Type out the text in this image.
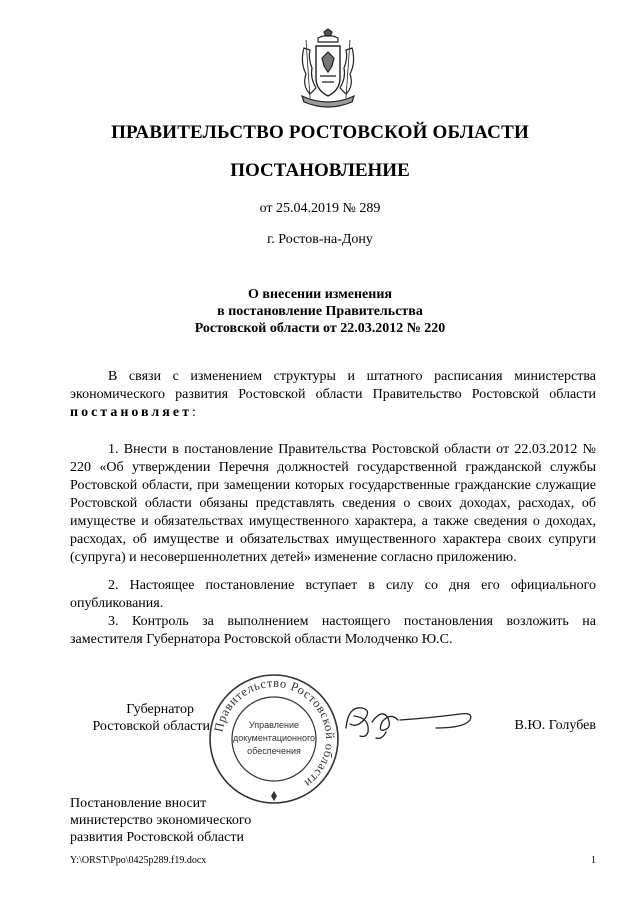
ПРАВИТЕЛЬСТВО РОСТОВСКОЙ ОБЛАСТИ
ПОСТАНОВЛЕНИЕ
от 25.04.2019 № 289
г. Ростов-на-Дону
О внесении изменения
в постановление Правительства
Ростовской области от 22.03.2012 № 220
В связи с изменением структуры и штатного расписания министерства экономического развития Ростовской области Правительство Ростовской области постановляет:
1. Внести в постановление Правительства Ростовской области от 22.03.2012 № 220 «Об утверждении Перечня должностей государственной гражданской службы Ростовской области, при замещении которых государственные гражданские служащие Ростовской области обязаны представлять сведения о своих доходах, расходах, об имуществе и обязательствах имущественного характера, а также сведения о доходах, расходах, об имуществе и обязательствах имущественного характера своих супруги (супруга) и несовершеннолетних детей» изменение согласно приложению.
2. Настоящее постановление вступает в силу со дня его официального опубликования.
3. Контроль за выполнением настоящего постановления возложить на заместителя Губернатора Ростовской области Молодченко Ю.С.
Губернатор
Ростовской области Правительство Ростовской области
Управление
документационного
обеспечения
В.Ю. Голубев
Постановление вносит
министерство экономического
развития Ростовской области
Y:\ORST\Ppo\0425p289.f19.docx	1
